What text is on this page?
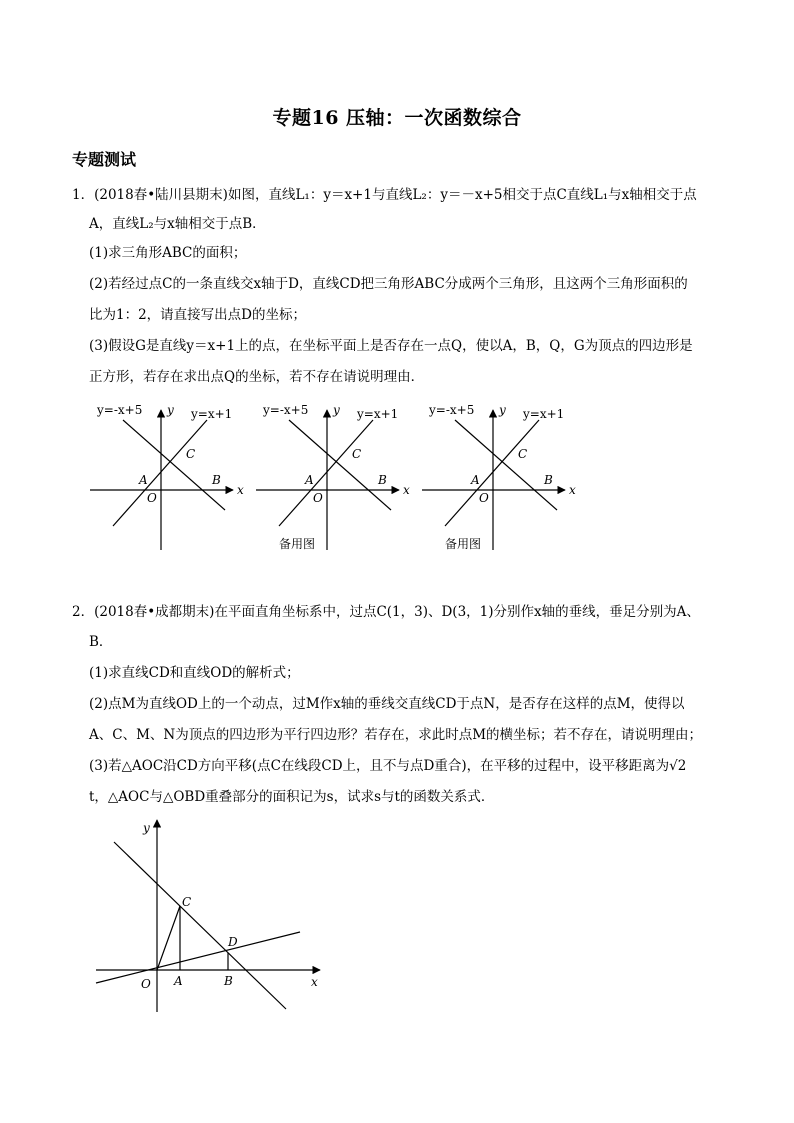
专题16 压轴：一次函数综合
专题测试
1．(2018春•陆川县期末)如图，直线L₁：y＝x+1与直线L₂：y＝－x+5相交于点C直线L₁与x轴相交于点
A，直线L₂与x轴相交于点B．
(1)求三角形ABC的面积；
(2)若经过点C的一条直线交x轴于D，直线CD把三角形ABC分成两个三角形，且这两个三角形面积的
比为1：2，请直接写出点D的坐标；
(3)假设G是直线y＝x+1上的点，在坐标平面上是否存在一点Q，使以A，B，Q，G为顶点的四边形是
正方形，若存在求出点Q的坐标，若不存在请说明理由．
y=-x+5 y y=x+1
C
A	B
O
x
y=-x+5 y y=x+1
C
A	B
O
x
备用图
y=-x+5 y y=x+1
C
A	B
O
x
备用图
2．(2018春•成都期末)在平面直角坐标系中，过点C(1，3)、D(3，1)分别作x轴的垂线，垂足分别为A、
B．
(1)求直线CD和直线OD的解析式；
(2)点M为直线OD上的一个动点，过M作x轴的垂线交直线CD于点N，是否存在这样的点M，使得以
A、C、M、N为顶点的四边形为平行四边形？若存在，求此时点M的横坐标；若不存在，请说明理由；
(3)若△AOC沿CD方向平移(点C在线段CD上，且不与点D重合)，在平移的过程中，设平移距离为√2
t，△AOC与△OBD重叠部分的面积记为s，试求s与t的函数关系式．
y
x
O A	B
C
D
